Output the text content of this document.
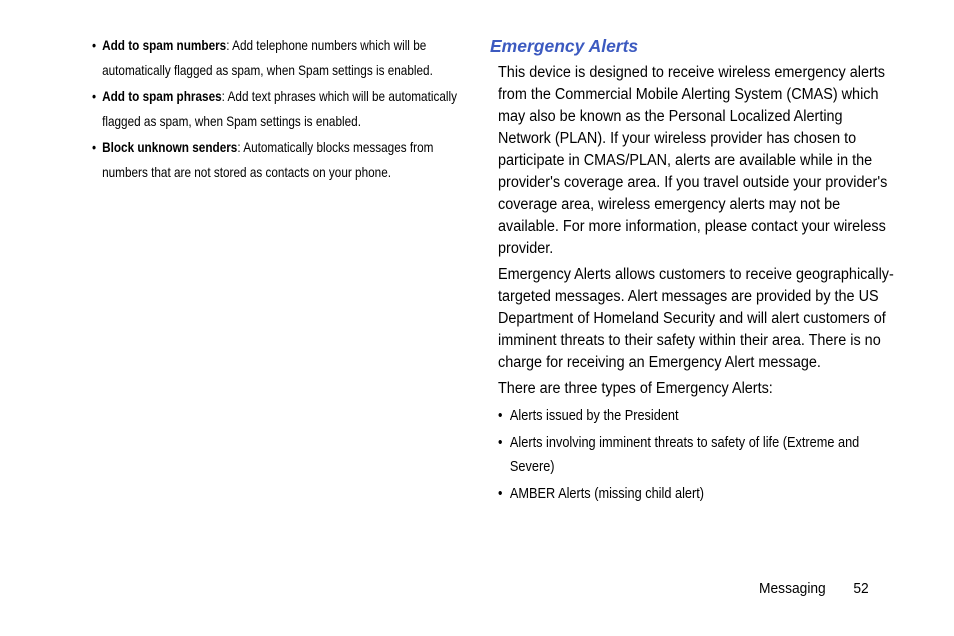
• Add to spam numbers: Add telephone numbers which will be automatically flagged as spam, when Spam settings is enabled.
• Add to spam phrases: Add text phrases which will be automatically flagged as spam, when Spam settings is enabled.
• Block unknown senders: Automatically blocks messages from numbers that are not stored as contacts on your phone.
Emergency Alerts

This device is designed to receive wireless emergency alerts from the Commercial Mobile Alerting System (CMAS) which may also be known as the Personal Localized Alerting Network (PLAN). If your wireless provider has chosen to participate in CMAS/PLAN, alerts are available while in the provider's coverage area. If you travel outside your provider's coverage area, wireless emergency alerts may not be available. For more information, please contact your wireless provider.

Emergency Alerts allows customers to receive geographically-targeted messages. Alert messages are provided by the US Department of Homeland Security and will alert customers of imminent threats to their safety within their area. There is no charge for receiving an Emergency Alert message.

There are three types of Emergency Alerts:

• Alerts issued by the President
• Alerts involving imminent threats to safety of life (Extreme and Severe)
• AMBER Alerts (missing child alert)
Messaging 52
